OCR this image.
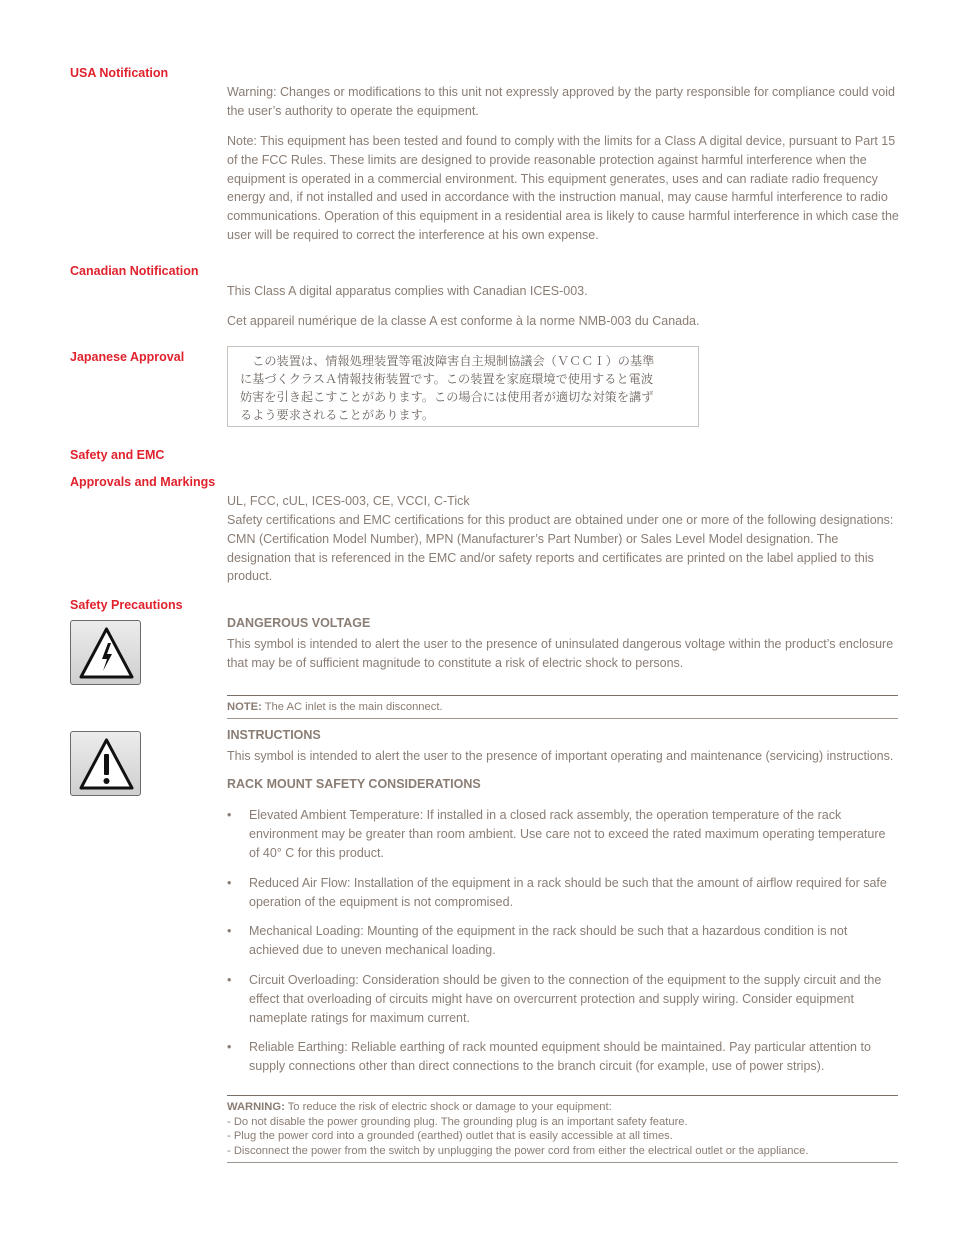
USA Notification

Warning: Changes or modifications to this unit not expressly approved by the party responsible for compliance could void the user’s authority to operate the equipment.

Note: This equipment has been tested and found to comply with the limits for a Class A digital device, pursuant to Part 15 of the FCC Rules. These limits are designed to provide reasonable protection against harmful interference when the equipment is operated in a commercial environment. This equipment generates, uses and can radiate radio frequency energy and, if not installed and used in accordance with the instruction manual, may cause harmful interference to radio communications. Operation of this equipment in a residential area is likely to cause harmful interference in which case the user will be required to correct the interference at his own expense.

Canadian Notification

This Class A digital apparatus complies with Canadian ICES-003.

Cet appareil numérique de la classe A est conforme à la norme NMB-003 du Canada.

Japanese Approval	　この装置は、情報処理装置等電波障害自主規制協議会（ＶＣＣＩ）の基準
に基づくクラスＡ情報技術装置です。この装置を家庭環境で使用すると電波
妨害を引き起こすことがあります。この場合には使用者が適切な対策を講ず
るよう要求されることがあります。
Safety and EMC
Approvals and Markings

UL, FCC, cUL, ICES-003, CE, VCCI, C-Tick

Safety certifications and EMC certifications for this product are obtained under one or more of the following designations: CMN (Certification Model Number), MPN (Manufacturer’s Part Number) or Sales Level Model designation. The designation that is referenced in the EMC and/or safety reports and certificates are printed on the label applied to this product.

Safety Precautions
DANGEROUS VOLTAGE

This symbol is intended to alert the user to the presence of uninsulated dangerous voltage within the product’s enclosure that may be of sufficient magnitude to constitute a risk of electric shock to persons.

NOTE: The AC inlet is the main disconnect.

INSTRUCTIONS

This symbol is intended to alert the user to the presence of important operating and maintenance (servicing) instructions.

RACK MOUNT SAFETY CONSIDERATIONS
• Elevated Ambient Temperature: If installed in a closed rack assembly, the operation temperature of the rack environment may be greater than room ambient. Use care not to exceed the rated maximum operating temperature of 40° C for this product.
• Reduced Air Flow: Installation of the equipment in a rack should be such that the amount of airflow required for safe operation of the equipment is not compromised.
• Mechanical Loading: Mounting of the equipment in the rack should be such that a hazardous condition is not achieved due to uneven mechanical loading.
• Circuit Overloading: Consideration should be given to the connection of the equipment to the supply circuit and the effect that overloading of circuits might have on overcurrent protection and supply wiring. Consider equipment nameplate ratings for maximum current.
• Reliable Earthing: Reliable earthing of rack mounted equipment should be maintained. Pay particular attention to supply connections other than direct connections to the branch circuit (for example, use of power strips).
WARNING: To reduce the risk of electric shock or damage to your equipment:
- Do not disable the power grounding plug. The grounding plug is an important safety feature.
- Plug the power cord into a grounded (earthed) outlet that is easily accessible at all times.
- Disconnect the power from the switch by unplugging the power cord from either the electrical outlet or the appliance.
